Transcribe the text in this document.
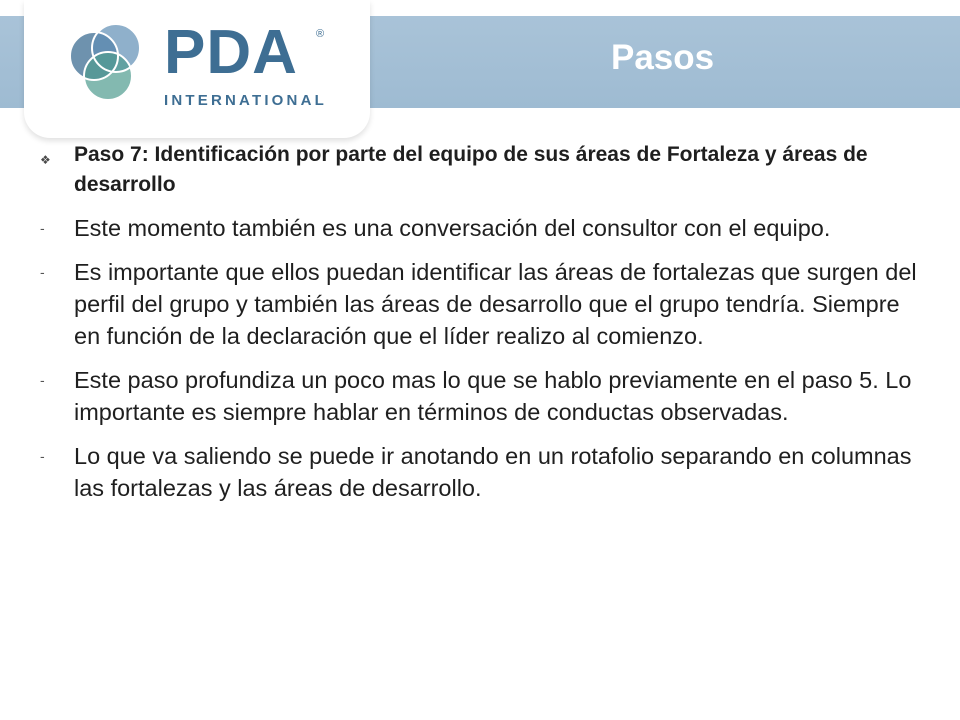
PDA ®
INTERNATIONAL
Pasos
❖ Paso 7: Identificación por parte del equipo de sus áreas de Fortaleza y áreas de desarrollo
- Este momento también es una conversación del consultor con el equipo.
- Es importante que ellos puedan identificar las áreas de fortalezas que surgen del perfil del grupo y también las áreas de desarrollo que el grupo tendría. Siempre en función de la declaración que el líder realizo al comienzo.
- Este paso profundiza un poco mas lo que se hablo previamente en el paso 5. Lo importante es siempre hablar en términos de conductas observadas.
- Lo que va saliendo se puede ir anotando en un rotafolio separando en columnas las fortalezas y las áreas de desarrollo.
